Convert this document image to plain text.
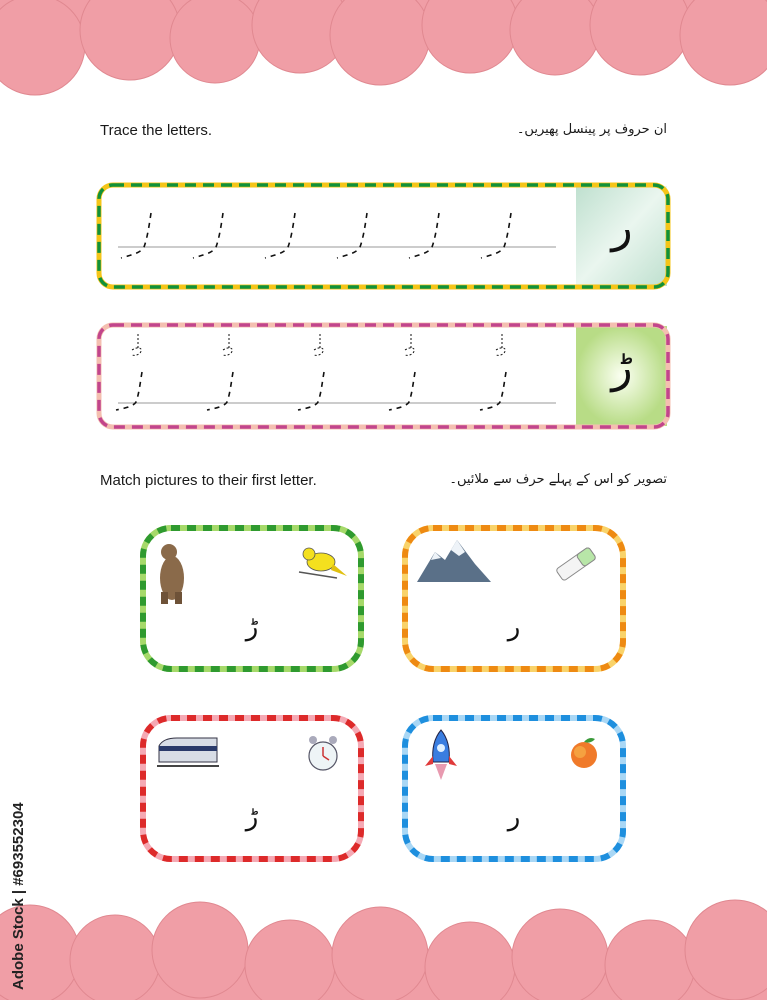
Trace the letters.	ان حروف پر پینسل پھیریں۔
ر
ڑ
Match pictures to their first letter.	تصویر کو اس کے پہلے حرف سے ملائیں۔
ڑ	ر
ڑ	ر
Adobe Stock | #693552304
